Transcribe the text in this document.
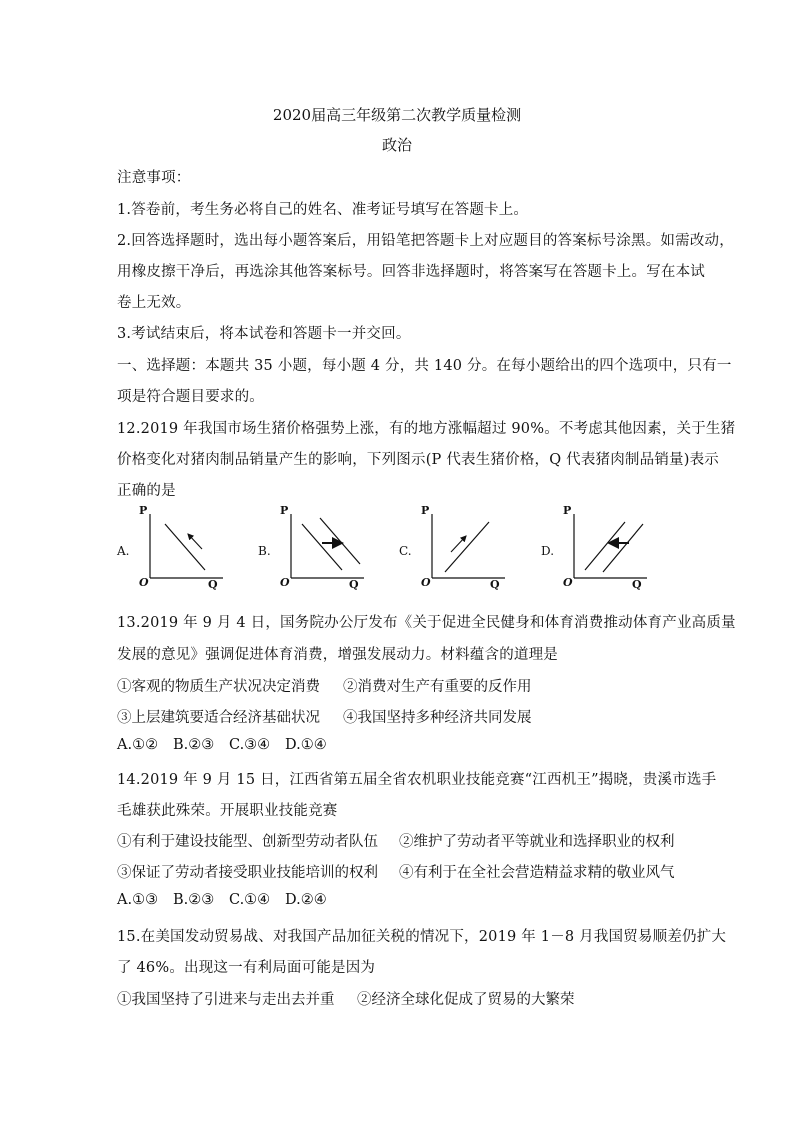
2020届高三年级第二次教学质量检测
政治
注意事项：
1.答卷前，考生务必将自己的姓名、准考证号填写在答题卡上。
2.回答选择题时，选出每小题答案后，用铅笔把答题卡上对应题目的答案标号涂黑。如需改动，
用橡皮擦干净后，再选涂其他答案标号。回答非选择题时，将答案写在答题卡上。写在本试
卷上无效。
3.考试结束后，将本试卷和答题卡一并交回。
一、选择题：本题共 35 小题，每小题 4 分，共 140 分。在每小题给出的四个选项中，只有一
项是符合题目要求的。
12.2019 年我国市场生猪价格强势上涨，有的地方涨幅超过 90%。不考虑其他因素，关于生猪
价格变化对猪肉制品销量产生的影响，下列图示(P 代表生猪价格，Q 代表猪肉制品销量)表示
正确的是
A.
P
Q
O
B.
P
Q
O
C.
P
Q
O
D.
P
Q
O
13.2019 年 9 月 4 日，国务院办公厅发布《关于促进全民健身和体育消费推动体育产业高质量
发展的意见》强调促进体育消费，增强发展动力。材料蕴含的道理是
①客观的物质生产状况决定消费 ②消费对生产有重要的反作用
③上层建筑要适合经济基础状况 ④我国坚持多种经济共同发展
A.①② B.②③ C.③④ D.①④
14.2019 年 9 月 15 日，江西省第五届全省农机职业技能竞赛“江西机王”揭晓，贵溪市选手
毛雄获此殊荣。开展职业技能竞赛
①有利于建设技能型、创新型劳动者队伍 ②维护了劳动者平等就业和选择职业的权利
③保证了劳动者接受职业技能培训的权利 ④有利于在全社会营造精益求精的敬业风气
A.①③ B.②③ C.①④ D.②④
15.在美国发动贸易战、对我国产品加征关税的情况下，2019 年 1－8 月我国贸易顺差仍扩大
了 46%。出现这一有利局面可能是因为
①我国坚持了引进来与走出去并重 ②经济全球化促成了贸易的大繁荣
